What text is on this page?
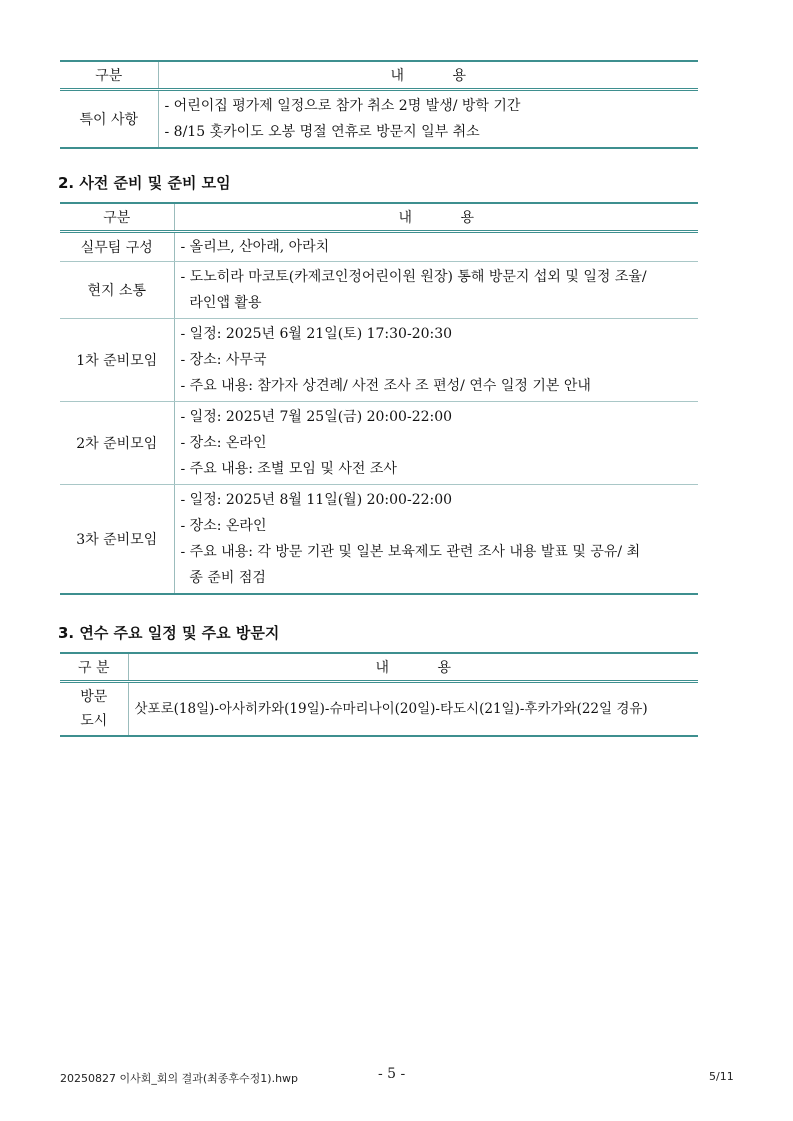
구분	내 용
특이 사항	- 어린이집 평가제 일정으로 참가 취소 2명 발생/ 방학 기간
- 8/15 홋카이도 오봉 명절 연휴로 방문지 일부 취소
2. 사전 준비 및 준비 모임
구분	내 용
실무팀 구성	- 올리브, 산아래, 아라치

현지 소통	- 도노히라 마코토(카제코인정어린이원 원장) 통해 방문지 섭외 및 일정 조율/
라인앱 활용

1차 준비모임	- 일정: 2025년 6월 21일(토) 17:30-20:30
- 장소: 사무국
- 주요 내용: 참가자 상견례/ 사전 조사 조 편성/ 연수 일정 기본 안내

2차 준비모임	- 일정: 2025년 7월 25일(금) 20:00-22:00
- 장소: 온라인
- 주요 내용: 조별 모임 및 사전 조사

3차 준비모임	- 일정: 2025년 8월 11일(월) 20:00-22:00
- 장소: 온라인
- 주요 내용: 각 방문 기관 및 일본 보육제도 관련 조사 내용 발표 및 공유/ 최
종 준비 점검
3. 연수 주요 일정 및 주요 방문지
구 분	내 용

방문
도시	삿포로(18일)-아사히카와(19일)-슈마리나이(20일)-타도시(21일)-후카가와(22일 경유)
20250827 이사회_회의 결과(최종후수정1).hwp	- 5 -	5/11
